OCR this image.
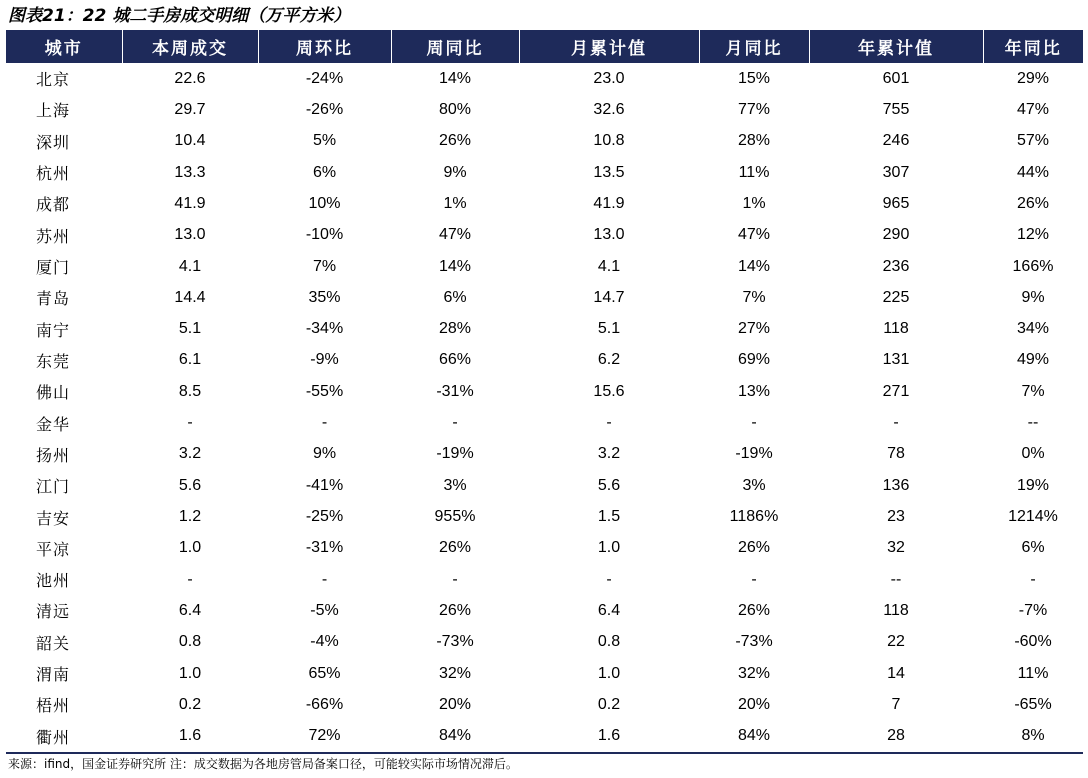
图表21：22 城二手房成交明细（万平方米）
城市	本周成交	周环比	周同比	月累计值	月同比	年累计值	年同比
北京	22.6	-24%	14%	23.0	15%	601	29%
上海	29.7	-26%	80%	32.6	77%	755	47%
深圳	10.4	5%	26%	10.8	28%	246	57%
杭州	13.3	6%	9%	13.5	11%	307	44%
成都	41.9	10%	1%	41.9	1%	965	26%
苏州	13.0	-10%	47%	13.0	47%	290	12%
厦门	4.1	7%	14%	4.1	14%	236	166%
青岛	14.4	35%	6%	14.7	7%	225	9%
南宁	5.1	-34%	28%	5.1	27%	118	34%
东莞	6.1	-9%	66%	6.2	69%	131	49%
佛山	8.5	-55%	-31%	15.6	13%	271	7%
金华	-	-	-	-	-	-	--
扬州	3.2	9%	-19%	3.2	-19%	78	0%
江门	5.6	-41%	3%	5.6	3%	136	19%
吉安	1.2	-25%	955%	1.5	1186%	23	1214%
平凉	1.0	-31%	26%	1.0	26%	32	6%
池州	-	-	-	-	-	--	-
清远	6.4	-5%	26%	6.4	26%	118	-7%
韶关	0.8	-4%	-73%	0.8	-73%	22	-60%
渭南	1.0	65%	32%	1.0	32%	14	11%
梧州	0.2	-66%	20%	0.2	20%	7	-65%
衢州	1.6	72%	84%	1.6	84%	28	8%
来源：ifind，国金证券研究所 注：成交数据为各地房管局备案口径，可能较实际市场情况滞后。
